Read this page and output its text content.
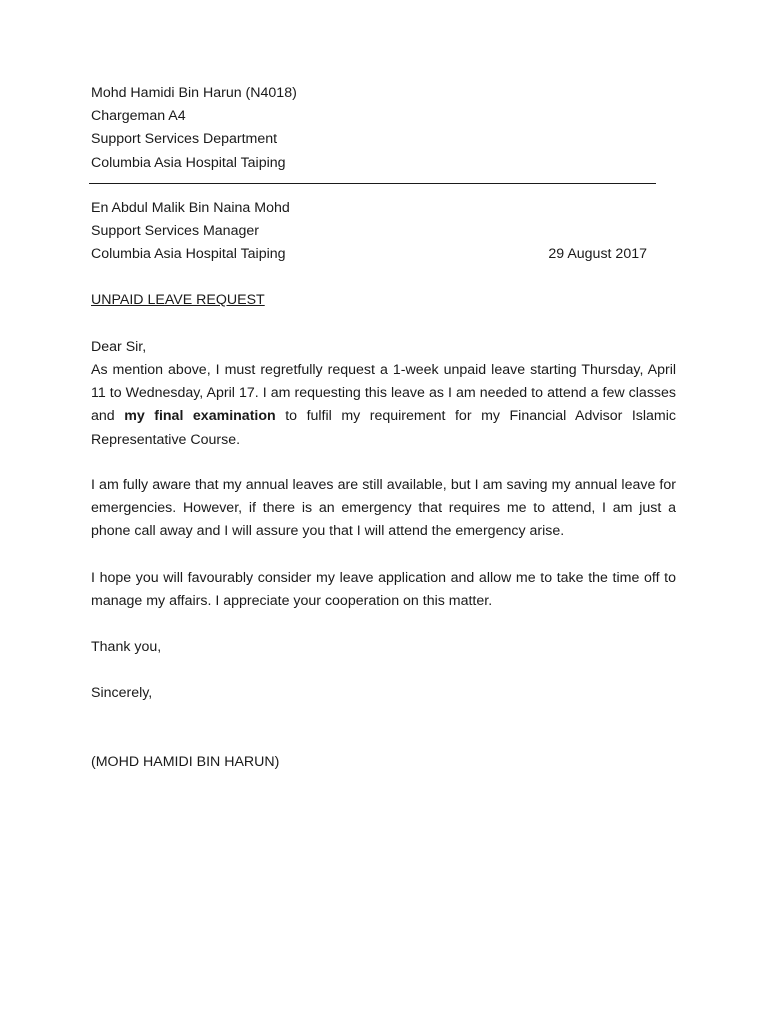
Mohd Hamidi Bin Harun (N4018)
Chargeman A4
Support Services Department
Columbia Asia Hospital Taiping
En Abdul Malik Bin Naina Mohd
Support Services Manager
Columbia Asia Hospital Taiping	29 August 2017
UNPAID LEAVE REQUEST
Dear Sir,
As mention above, I must regretfully request a 1-week unpaid leave starting Thursday, April 11 to Wednesday, April 17. I am requesting this leave as I am needed to attend a few classes and my final examination to fulfil my requirement for my Financial Advisor Islamic Representative Course.
I am fully aware that my annual leaves are still available, but I am saving my annual leave for emergencies. However, if there is an emergency that requires me to attend, I am just a phone call away and I will assure you that I will attend the emergency arise.
I hope you will favourably consider my leave application and allow me to take the time off to manage my affairs. I appreciate your cooperation on this matter.
Thank you,
Sincerely,
(MOHD HAMIDI BIN HARUN)
